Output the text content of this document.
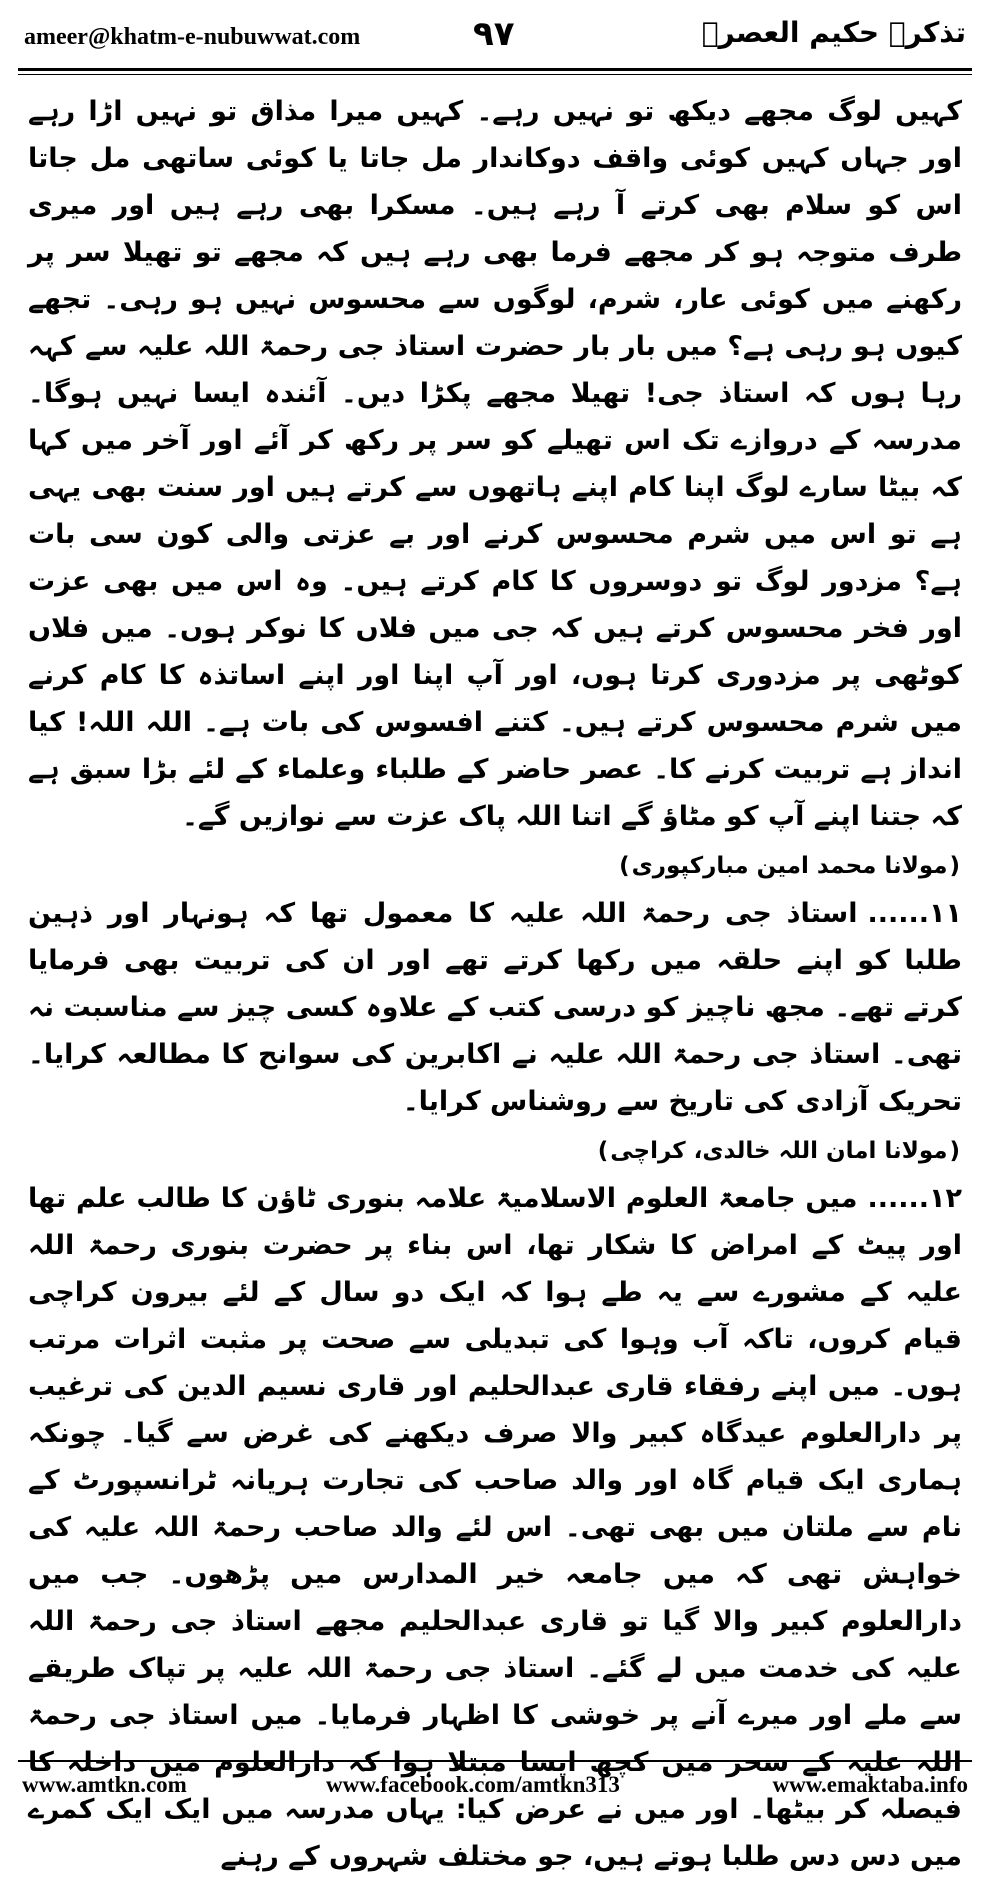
ameer@khatm-e-nubuwwat.com	٩٧	تذکرہ حکیم العصرؒ

کہیں لوگ مجھے دیکھ تو نہیں رہے۔ کہیں میرا مذاق تو نہیں اڑا رہے اور جہاں کہیں کوئی واقف دوکاندار مل جاتا یا کوئی ساتھی مل جاتا اس کو سلام بھی کرتے آ رہے ہیں۔ مسکرا بھی رہے ہیں اور میری طرف متوجہ ہو کر مجھے فرما بھی رہے ہیں کہ مجھے تو تھیلا سر پر رکھنے میں کوئی عار، شرم، لوگوں سے محسوس نہیں ہو رہی۔ تجھے کیوں ہو رہی ہے؟ میں بار بار حضرت استاذ جی رحمۃ اللہ علیہ سے کہہ رہا ہوں کہ استاذ جی! تھیلا مجھے پکڑا دیں۔ آئندہ ایسا نہیں ہوگا۔ مدرسہ کے دروازے تک اس تھیلے کو سر پر رکھ کر آئے اور آخر میں کہا کہ بیٹا سارے لوگ اپنا کام اپنے ہاتھوں سے کرتے ہیں اور سنت بھی یہی ہے تو اس میں شرم محسوس کرنے اور بے عزتی والی کون سی بات ہے؟ مزدور لوگ تو دوسروں کا کام کرتے ہیں۔ وہ اس میں بھی عزت اور فخر محسوس کرتے ہیں کہ جی میں فلاں کا نوکر ہوں۔ میں فلاں کوٹھی پر مزدوری کرتا ہوں، اور آپ اپنا اور اپنے اساتذہ کا کام کرنے میں شرم محسوس کرتے ہیں۔ کتنے افسوس کی بات ہے۔ اللہ اللہ! کیا انداز ہے تربیت کرنے کا۔ عصر حاضر کے طلباء وعلماء کے لئے بڑا سبق ہے کہ جتنا اپنے آپ کو مٹاؤ گے اتنا اللہ پاک عزت سے نوازیں گے۔

(مولانا محمد امین مبارکپوری)

١١......استاذ جی رحمۃ اللہ علیہ کا معمول تھا کہ ہونہار اور ذہین طلبا کو اپنے حلقہ میں رکھا کرتے تھے اور ان کی تربیت بھی فرمایا کرتے تھے۔ مجھ ناچیز کو درسی کتب کے علاوہ کسی چیز سے مناسبت نہ تھی۔ استاذ جی رحمۃ اللہ علیہ نے اکابرین کی سوانح کا مطالعہ کرایا۔ تحریک آزادی کی تاریخ سے روشناس کرایا۔

(مولانا امان اللہ خالدی، کراچی)

١٢......میں جامعۃ العلوم الاسلامیۃ علامہ بنوری ٹاؤن کا طالب علم تھا اور پیٹ کے امراض کا شکار تھا، اس بناء پر حضرت بنوری رحمۃ اللہ علیہ کے مشورے سے یہ طے ہوا کہ ایک دو سال کے لئے بیرون کراچی قیام کروں، تاکہ آب وہوا کی تبدیلی سے صحت پر مثبت اثرات مرتب ہوں۔ میں اپنے رفقاء قاری عبدالحلیم اور قاری نسیم الدین کی ترغیب پر دارالعلوم عیدگاہ کبیر والا صرف دیکھنے کی غرض سے گیا۔ چونکہ ہماری ایک قیام گاہ اور والد صاحب کی تجارت ہریانہ ٹرانسپورٹ کے نام سے ملتان میں بھی تھی۔ اس لئے والد صاحب رحمۃ اللہ علیہ کی خواہش تھی کہ میں جامعہ خیر المدارس میں پڑھوں۔ جب میں دارالعلوم کبیر والا گیا تو قاری عبدالحلیم مجھے استاذ جی رحمۃ اللہ علیہ کی خدمت میں لے گئے۔ استاذ جی رحمۃ اللہ علیہ پر تپاک طریقے سے ملے اور میرے آنے پر خوشی کا اظہار فرمایا۔ میں استاذ جی رحمۃ اللہ علیہ کے سحر میں کچھ ایسا مبتلا ہوا کہ دارالعلوم میں داخلہ کا فیصلہ کر بیٹھا۔ اور میں نے عرض کیا: یہاں مدرسہ میں ایک ایک کمرے میں دس دس طلبا ہوتے ہیں، جو مختلف شہروں کے رہنے

www.amtkn.com	www.facebook.com/amtkn313	www.emaktaba.info
